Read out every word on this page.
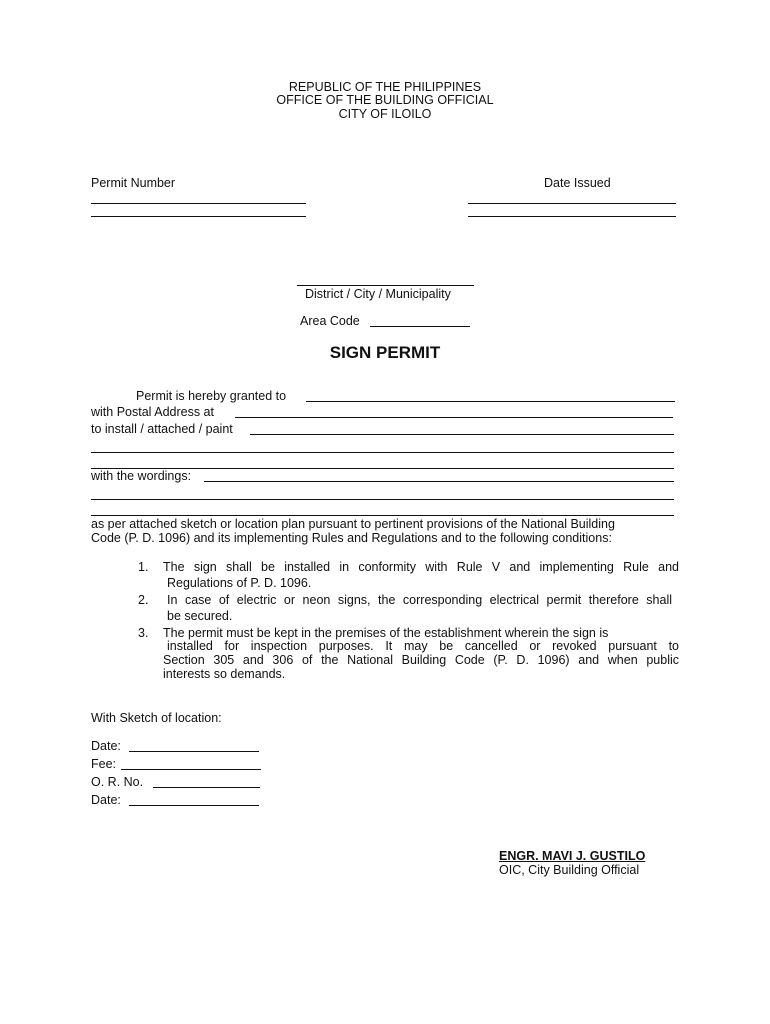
REPUBLIC OF THE PHILIPPINES
OFFICE OF THE BUILDING OFFICIAL
CITY OF ILOILO
Permit Number	Date Issued
District / City / Municipality
Area Code
SIGN PERMIT
Permit is hereby granted to
with Postal Address at
to install / attached / paint
with the wordings:
as per attached sketch or location plan pursuant to pertinent provisions of the National Building
Code (P. D. 1096) and its implementing Rules and Regulations and to the following conditions:
1. The sign shall be installed in conformity with Rule V and implementing Rule and
Regulations of P. D. 1096.
2. In case of electric or neon signs, the corresponding electrical permit therefore shall
be secured.
3. The permit must be kept in the premises of the establishment wherein the sign is
installed for inspection purposes. It may be cancelled or revoked pursuant to
Section 305 and 306 of the National Building Code (P. D. 1096) and when public
interests so demands.
With Sketch of location:
Date:
Fee:
O. R. No.
Date:
ENGR. MAVI J. GUSTILO
OIC, City Building Official
